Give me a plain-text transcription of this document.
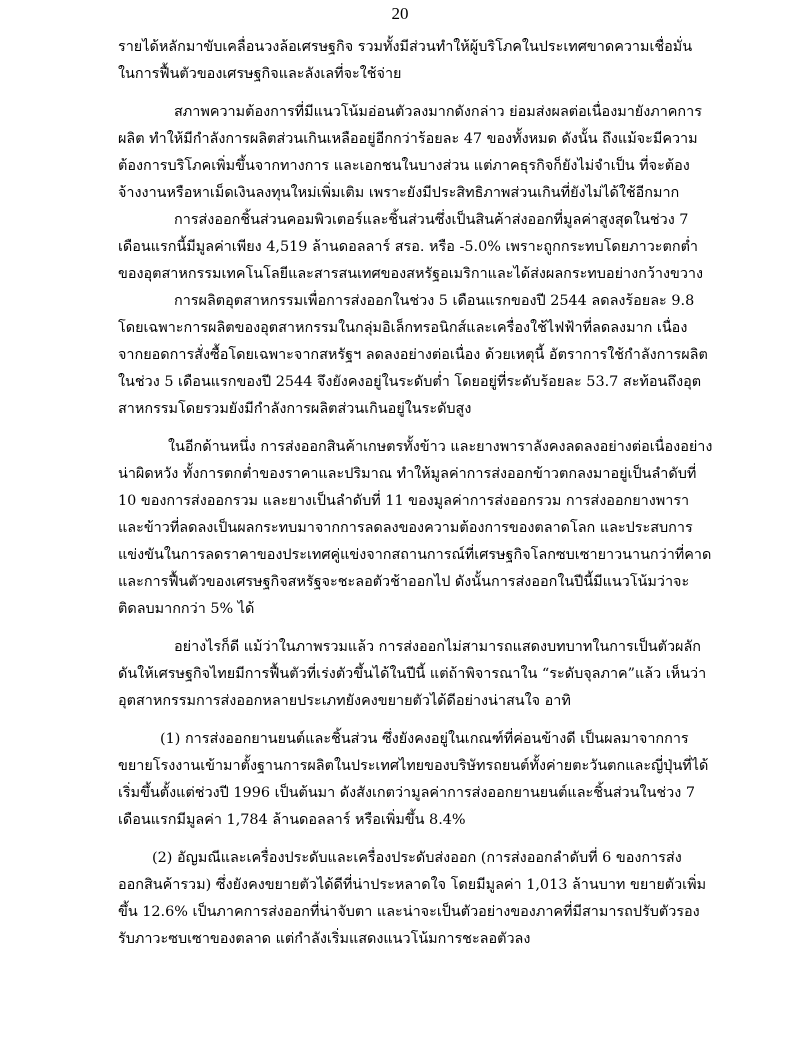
20

รายได้หลักมาขับเคลื่อนวงล้อเศรษฐกิจ รวมทั้งมีส่วนทำให้ผู้บริโภคในประเทศขาดความเชื่อมั่น
ในการฟื้นตัวของเศรษฐกิจและลังเลที่จะใช้จ่าย

สภาพความต้องการที่มีแนวโน้มอ่อนตัวลงมากดังกล่าว ย่อมส่งผลต่อเนื่องมายังภาคการ
ผลิต ทำให้มีกำลังการผลิตส่วนเกินเหลืออยู่อีกกว่าร้อยละ 47 ของทั้งหมด ดังนั้น ถึงแม้จะมีความ
ต้องการบริโภคเพิ่มขึ้นจากทางการ และเอกชนในบางส่วน แต่ภาคธุรกิจก็ยังไม่จำเป็น ที่จะต้อง
จ้างงานหรือหาเม็ดเงินลงทุนใหม่เพิ่มเติม เพราะยังมีประสิทธิภาพส่วนเกินที่ยังไม่ได้ใช้อีกมาก

การส่งออกชิ้นส่วนคอมพิวเตอร์และชิ้นส่วนซึ่งเป็นสินค้าส่งออกที่มูลค่าสูงสุดในช่วง 7
เดือนแรกนี้มีมูลค่าเพียง 4,519 ล้านดอลลาร์ สรอ. หรือ -5.0% เพราะถูกกระทบโดยภาวะตกต่ำ
ของอุตสาหกรรมเทคโนโลยีและสารสนเทศของสหรัฐอเมริกาและได้ส่งผลกระทบอย่างกว้างขวาง

การผลิตอุตสาหกรรมเพื่อการส่งออกในช่วง 5 เดือนแรกของปี 2544 ลดลงร้อยละ 9.8
โดยเฉพาะการผลิตของอุตสาหกรรมในกลุ่มอิเล็กทรอนิกส์และเครื่องใช้ไฟฟ้าที่ลดลงมาก เนื่อง
จากยอดการสั่งซื้อโดยเฉพาะจากสหรัฐฯ ลดลงอย่างต่อเนื่อง ด้วยเหตุนี้ อัตราการใช้กำลังการผลิต
ในช่วง 5 เดือนแรกของปี 2544 จึงยังคงอยู่ในระดับต่ำ โดยอยู่ที่ระดับร้อยละ 53.7 สะท้อนถึงอุต
สาหกรรมโดยรวมยังมีกำลังการผลิตส่วนเกินอยู่ในระดับสูง

ในอีกด้านหนึ่ง การส่งออกสินค้าเกษตรทั้งข้าว และยางพาราลังคงลดลงอย่างต่อเนื่องอย่าง
น่าผิดหวัง ทั้งการตกต่ำของราคาและปริมาณ ทำให้มูลค่าการส่งออกข้าวตกลงมาอยู่เป็นลำดับที่
10 ของการส่งออกรวม และยางเป็นลำดับที่ 11 ของมูลค่าการส่งออกรวม การส่งออกยางพารา
และข้าวที่ลดลงเป็นผลกระทบมาจากการลดลงของความต้องการของตลาดโลก และประสบการ
แข่งขันในการลดราคาของประเทศคู่แข่งจากสถานการณ์ที่เศรษฐกิจโลกซบเซายาวนานกว่าที่คาด
และการฟื้นตัวของเศรษฐกิจสหรัฐจะชะลอตัวช้าออกไป ดังนั้นการส่งออกในปีนี้มีแนวโน้มว่าจะ
ติดลบมากกว่า 5% ได้

อย่างไรก็ดี แม้ว่าในภาพรวมแล้ว การส่งออกไม่สามารถแสดงบทบาทในการเป็นตัวผลัก
ดันให้เศรษฐกิจไทยมีการฟื้นตัวที่เร่งตัวขึ้นได้ในปีนี้ แต่ถ้าพิจารณาใน “ระดับจุลภาค”แล้ว เห็นว่า
อุตสาหกรรมการส่งออกหลายประเภทยังคงขยายตัวได้ดีอย่างน่าสนใจ อาทิ

(1) การส่งออกยานยนต์และชิ้นส่วน ซึ่งยังคงอยู่ในเกณฑ์ที่ค่อนข้างดี เป็นผลมาจากการ
ขยายโรงงานเข้ามาตั้งฐานการผลิตในประเทศไทยของบริษัทรถยนต์ทั้งค่ายตะวันตกและญี่ปุ่นที่ได้
เริ่มขึ้นตั้งแต่ช่วงปี 1996 เป็นต้นมา ดังสังเกตว่ามูลค่าการส่งออกยานยนต์และชิ้นส่วนในช่วง 7
เดือนแรกมีมูลค่า 1,784 ล้านดอลลาร์ หรือเพิ่มขึ้น 8.4%

(2) อัญมณีและเครื่องประดับและเครื่องประดับส่งออก (การส่งออกลำดับที่ 6 ของการส่ง
ออกสินค้ารวม) ซึ่งยังคงขยายตัวได้ดีที่น่าประหลาดใจ โดยมีมูลค่า 1,013 ล้านบาท ขยายตัวเพิ่ม
ขึ้น 12.6% เป็นภาคการส่งออกที่น่าจับตา และน่าจะเป็นตัวอย่างของภาคที่มีสามารถปรับตัวรอง
รับภาวะซบเซาของตลาด แต่กำลังเริ่มแสดงแนวโน้มการชะลอตัวลง
